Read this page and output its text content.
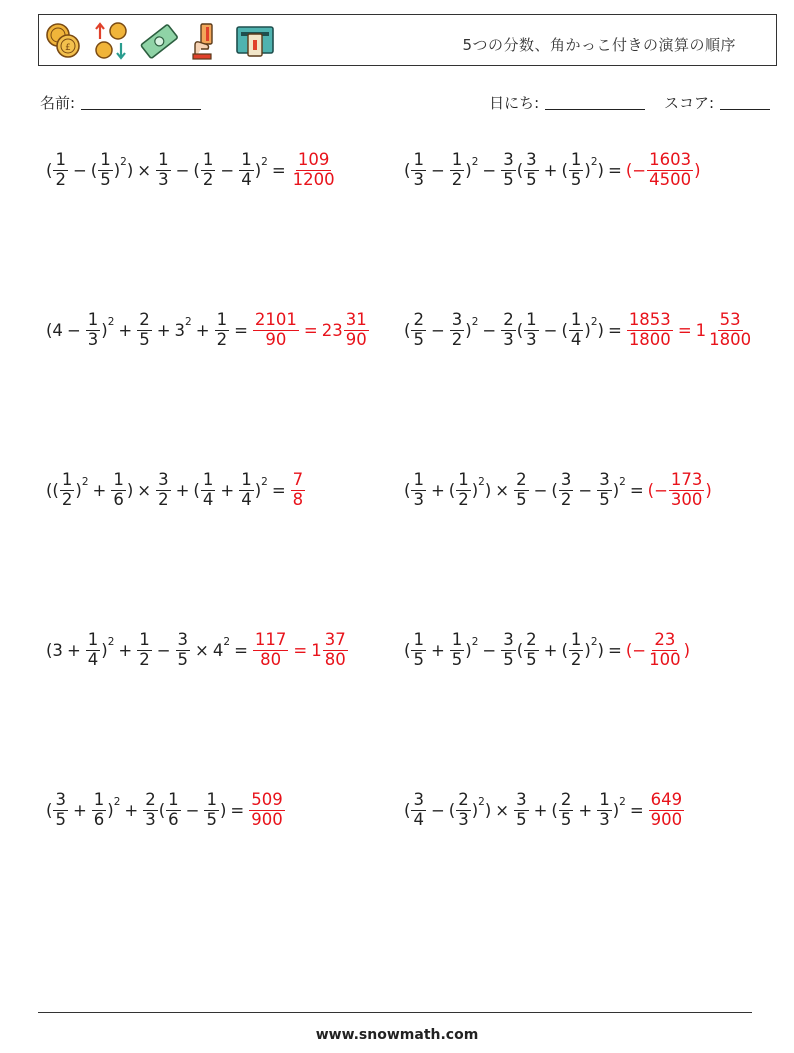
£	5つの分数、角かっこ付きの演算の順序
名前:	日にち:	スコア:
( $\frac{1}{2}$ − ( $\frac{1}{5} )^2$ ) × $\frac{1}{3}$ − ( $\frac{1}{2} - \frac{1}{4} )^2 = \frac{109}{1200}$	( $\frac{1}{3} - \frac{1}{2} )^2 - \frac{3}{5}$ ( $\frac{3}{5}$ + ( $\frac{1}{5} )^2$ ) = (− $\frac{1603}{4500}$ )
$(4 - \frac{1}{3} )^2 + \frac{2}{5} + 3^2 + \frac{1}{2} = \frac{2101}{90} = 23 \frac{31}{90}$ ( $\frac{2}{5} - \frac{3}{2} )^2 - \frac{2}{3}$ ( $\frac{1}{3}$ − ( $\frac{1}{4} )^2$ ) = $\frac{1853}{1800} = 1 \frac{53}{1800}$
(( $\frac{1}{2} )^2 + \frac{1}{6}$ ) × $\frac{3}{2}$ + ( $\frac{1}{4} + \frac{1}{4} )^2 = \frac{7}{8}$	( $\frac{1}{3}$ + ( $\frac{1}{2} )^2$ ) × $\frac{2}{5}$ − ( $\frac{3}{2} - \frac{3}{5} )^2$ = (− $\frac{173}{300}$ )
$(3 + \frac{1}{4} )^2 + \frac{1}{2} - \frac{3}{5} \times 4^2 = \frac{117}{80} = 1 \frac{37}{80}$	( $\frac{1}{5} + \frac{1}{5} )^2 - \frac{3}{5}$ ( $\frac{2}{5}$ + ( $\frac{1}{2} )^2$ ) = (− $\frac{23}{100}$ )
( $\frac{3}{5} + \frac{1}{6} )^2 + \frac{2}{3}$ ( $\frac{1}{6} - \frac{1}{5}$ ) = $\frac{509}{900}$	( $\frac{3}{4}$ − ( $\frac{2}{3} )^2$ ) × $\frac{3}{5}$ + ( $\frac{2}{5} + \frac{1}{3} )^2 = \frac{649}{900}$
www.snowmath.com
